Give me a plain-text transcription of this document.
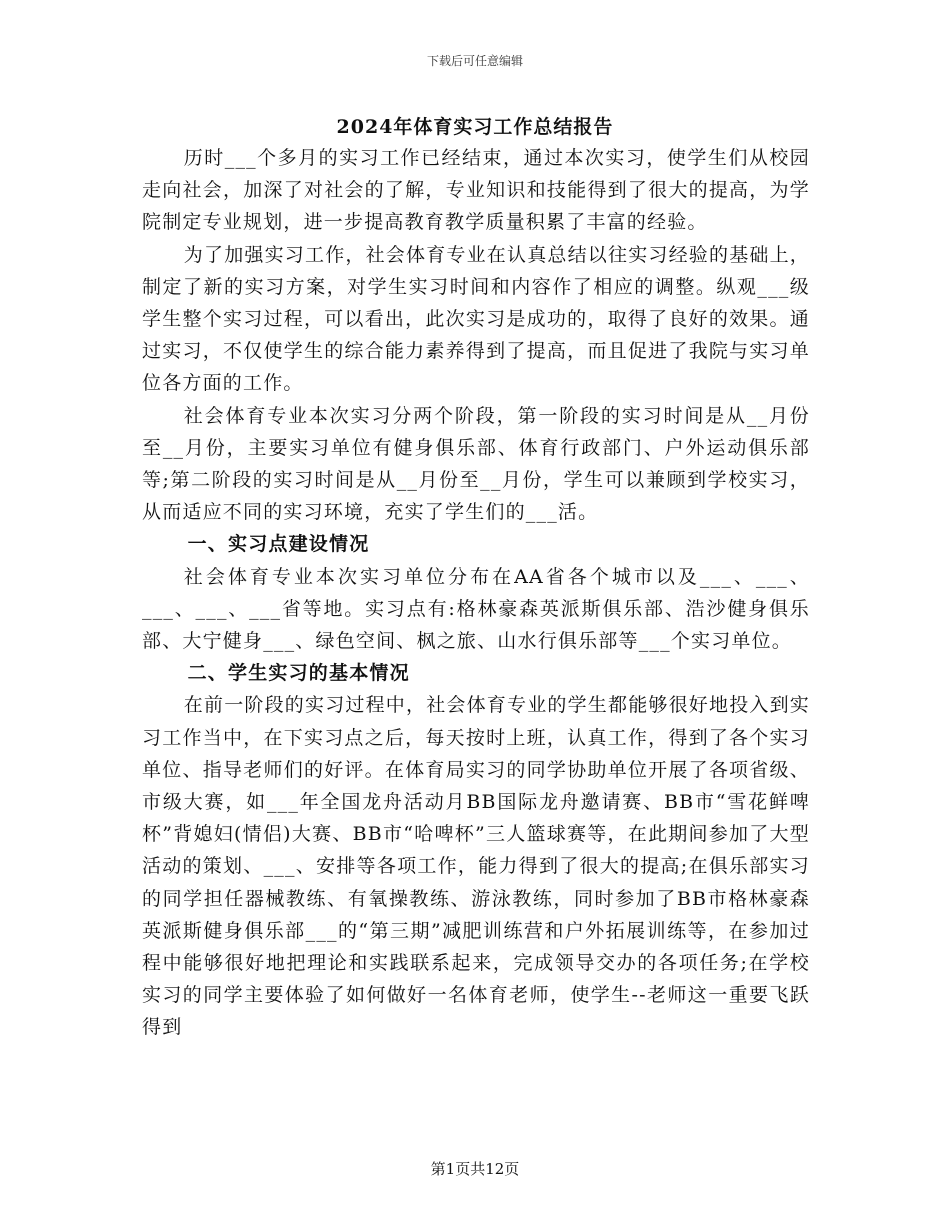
下载后可任意编辑
2024年体育实习工作总结报告

历时___个多月的实习工作已经结束，通过本次实习，使学生们从校园走向社会，加深了对社会的了解，专业知识和技能得到了很大的提高，为学院制定专业规划，进一步提高教育教学质量积累了丰富的经验。

为了加强实习工作，社会体育专业在认真总结以往实习经验的基础上，制定了新的实习方案，对学生实习时间和内容作了相应的调整。纵观___级学生整个实习过程，可以看出，此次实习是成功的，取得了良好的效果。通过实习，不仅使学生的综合能力素养得到了提高，而且促进了我院与实习单位各方面的工作。

社会体育专业本次实习分两个阶段，第一阶段的实习时间是从__月份至__月份，主要实习单位有健身俱乐部、体育行政部门、户外运动俱乐部等;第二阶段的实习时间是从__月份至__月份，学生可以兼顾到学校实习，从而适应不同的实习环境，充实了学生们的___活。

一、实习点建设情况

社会体育专业本次实习单位分布在AA省各个城市以及___、___、___、___、___省等地。实习点有:格林豪森英派斯俱乐部、浩沙健身俱乐部、大宁健身___、绿色空间、枫之旅、山水行俱乐部等___个实习单位。

二、学生实习的基本情况

在前一阶段的实习过程中，社会体育专业的学生都能够很好地投入到实习工作当中，在下实习点之后，每天按时上班，认真工作，得到了各个实习单位、指导老师们的好评。在体育局实习的同学协助单位开展了各项省级、市级大赛，如___年全国龙舟活动月BB国际龙舟邀请赛、BB市“雪花鲜啤杯”背媳妇(情侣)大赛、BB市“哈啤杯”三人篮球赛等，在此期间参加了大型活动的策划、___、安排等各项工作，能力得到了很大的提高;在俱乐部实习的同学担任器械教练、有氧操教练、游泳教练，同时参加了BB市格林豪森英派斯健身俱乐部___的“第三期”减肥训练营和户外拓展训练等，在参加过程中能够很好地把理论和实践联系起来，完成领导交办的各项任务;在学校实习的同学主要体验了如何做好一名体育老师，使学生--老师这一重要飞跃得到

第1页共12页
